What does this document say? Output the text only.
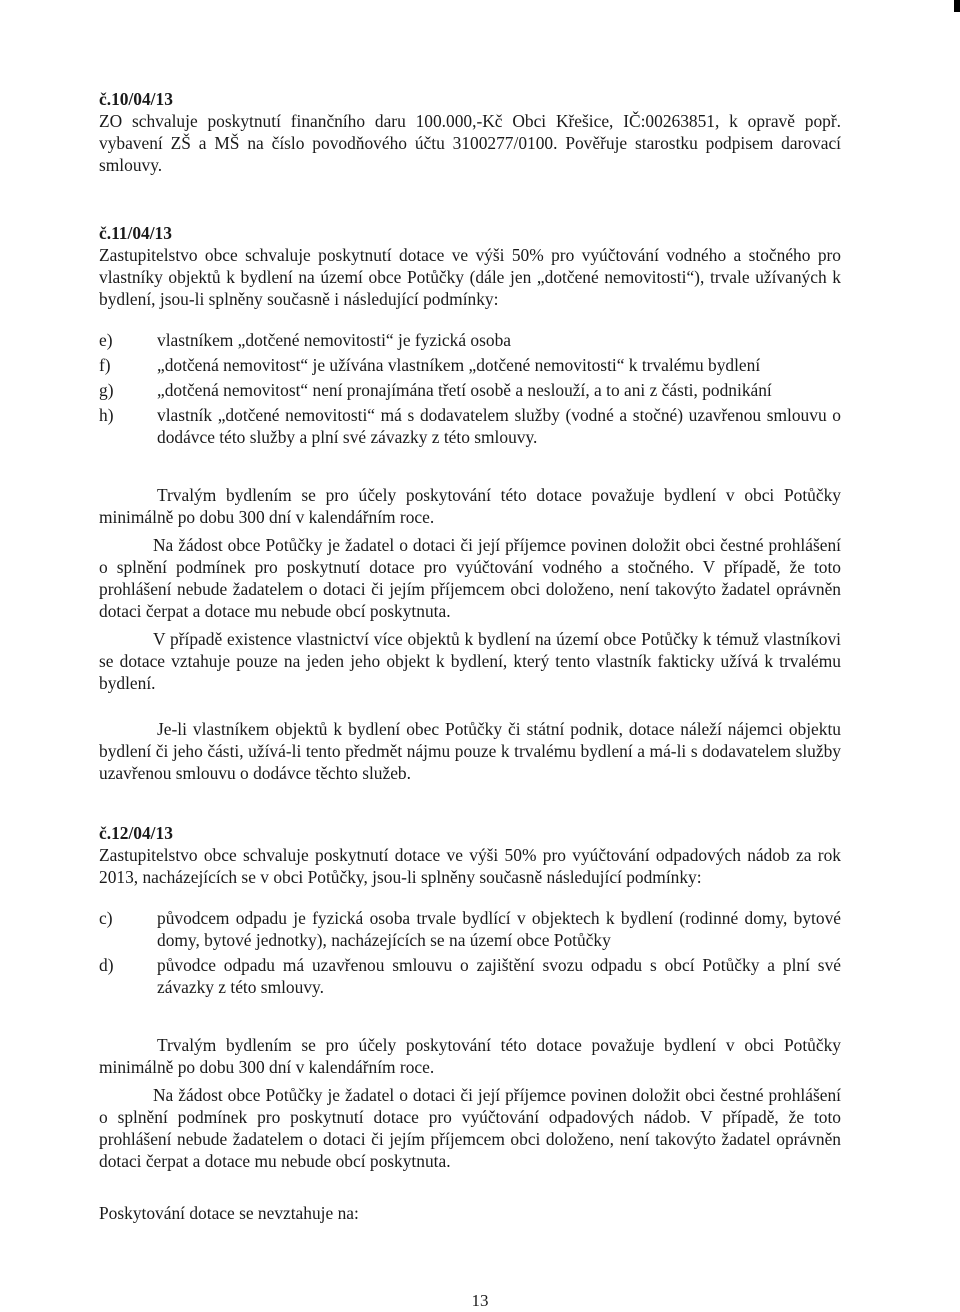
č.10/04/13

ZO schvaluje poskytnutí finančního daru 100.000,-Kč Obci Křešice, IČ:00263851, k opravě popř. vybavení ZŠ a MŠ na číslo povodňového účtu 3100277/0100. Pověřuje starostku podpisem darovací smlouvy.

č.11/04/13

Zastupitelstvo obce schvaluje poskytnutí dotace ve výši 50% pro vyúčtování vodného a stočného pro vlastníky objektů k bydlení na území obce Potůčky (dále jen „dotčené nemovitosti“), trvale užívaných k bydlení, jsou-li splněny současně i následující podmínky:

e)	vlastníkem „dotčené nemovitosti“ je fyzická osoba
f)	„dotčená nemovitost“ je užívána vlastníkem „dotčené nemovitosti“ k trvalému bydlení
g)	„dotčená nemovitost“ není pronajímána třetí osobě a neslouží, a to ani z části, podnikání
h)	vlastník „dotčené nemovitosti“ má s dodavatelem služby (vodné a stočné) uzavřenou smlouvu o dodávce této služby a plní své závazky z této smlouvy.

Trvalým bydlením se pro účely poskytování této dotace považuje bydlení v obci Potůčky minimálně po dobu 300 dní v kalendářním roce.

Na žádost obce Potůčky je žadatel o dotaci či její příjemce povinen doložit obci čestné prohlášení o splnění podmínek pro poskytnutí dotace pro vyúčtování vodného a stočného. V případě, že toto prohlášení nebude žadatelem o dotaci či jejím příjemcem obci doloženo, není takovýto žadatel oprávněn dotaci čerpat a dotace mu nebude obcí poskytnuta.

V případě existence vlastnictví více objektů k bydlení na území obce Potůčky k témuž vlastníkovi se dotace vztahuje pouze na jeden jeho objekt k bydlení, který tento vlastník fakticky užívá k trvalému bydlení.

Je-li vlastníkem objektů k bydlení obec Potůčky či státní podnik, dotace náleží nájemci objektu bydlení či jeho části, užívá-li tento předmět nájmu pouze k trvalému bydlení a má-li s dodavatelem služby uzavřenou smlouvu o dodávce těchto služeb.

č.12/04/13

Zastupitelstvo obce schvaluje poskytnutí dotace ve výši 50% pro vyúčtování odpadových nádob za rok 2013, nacházejících se v obci Potůčky, jsou-li splněny současně následující podmínky:

c)	původcem odpadu je fyzická osoba trvale bydlící v objektech k bydlení (rodinné domy, bytové domy, bytové jednotky), nacházejících se na území obce Potůčky
d)	původce odpadu má uzavřenou smlouvu o zajištění svozu odpadu s obcí Potůčky a plní své závazky z této smlouvy.

Trvalým bydlením se pro účely poskytování této dotace považuje bydlení v obci Potůčky minimálně po dobu 300 dní v kalendářním roce.

Na žádost obce Potůčky je žadatel o dotaci či její příjemce povinen doložit obci čestné prohlášení o splnění podmínek pro poskytnutí dotace pro vyúčtování odpadových nádob. V případě, že toto prohlášení nebude žadatelem o dotaci či jejím příjemcem obci doloženo, není takovýto žadatel oprávněn dotaci čerpat a dotace mu nebude obcí poskytnuta.

Poskytování dotace se nevztahuje na:

13
